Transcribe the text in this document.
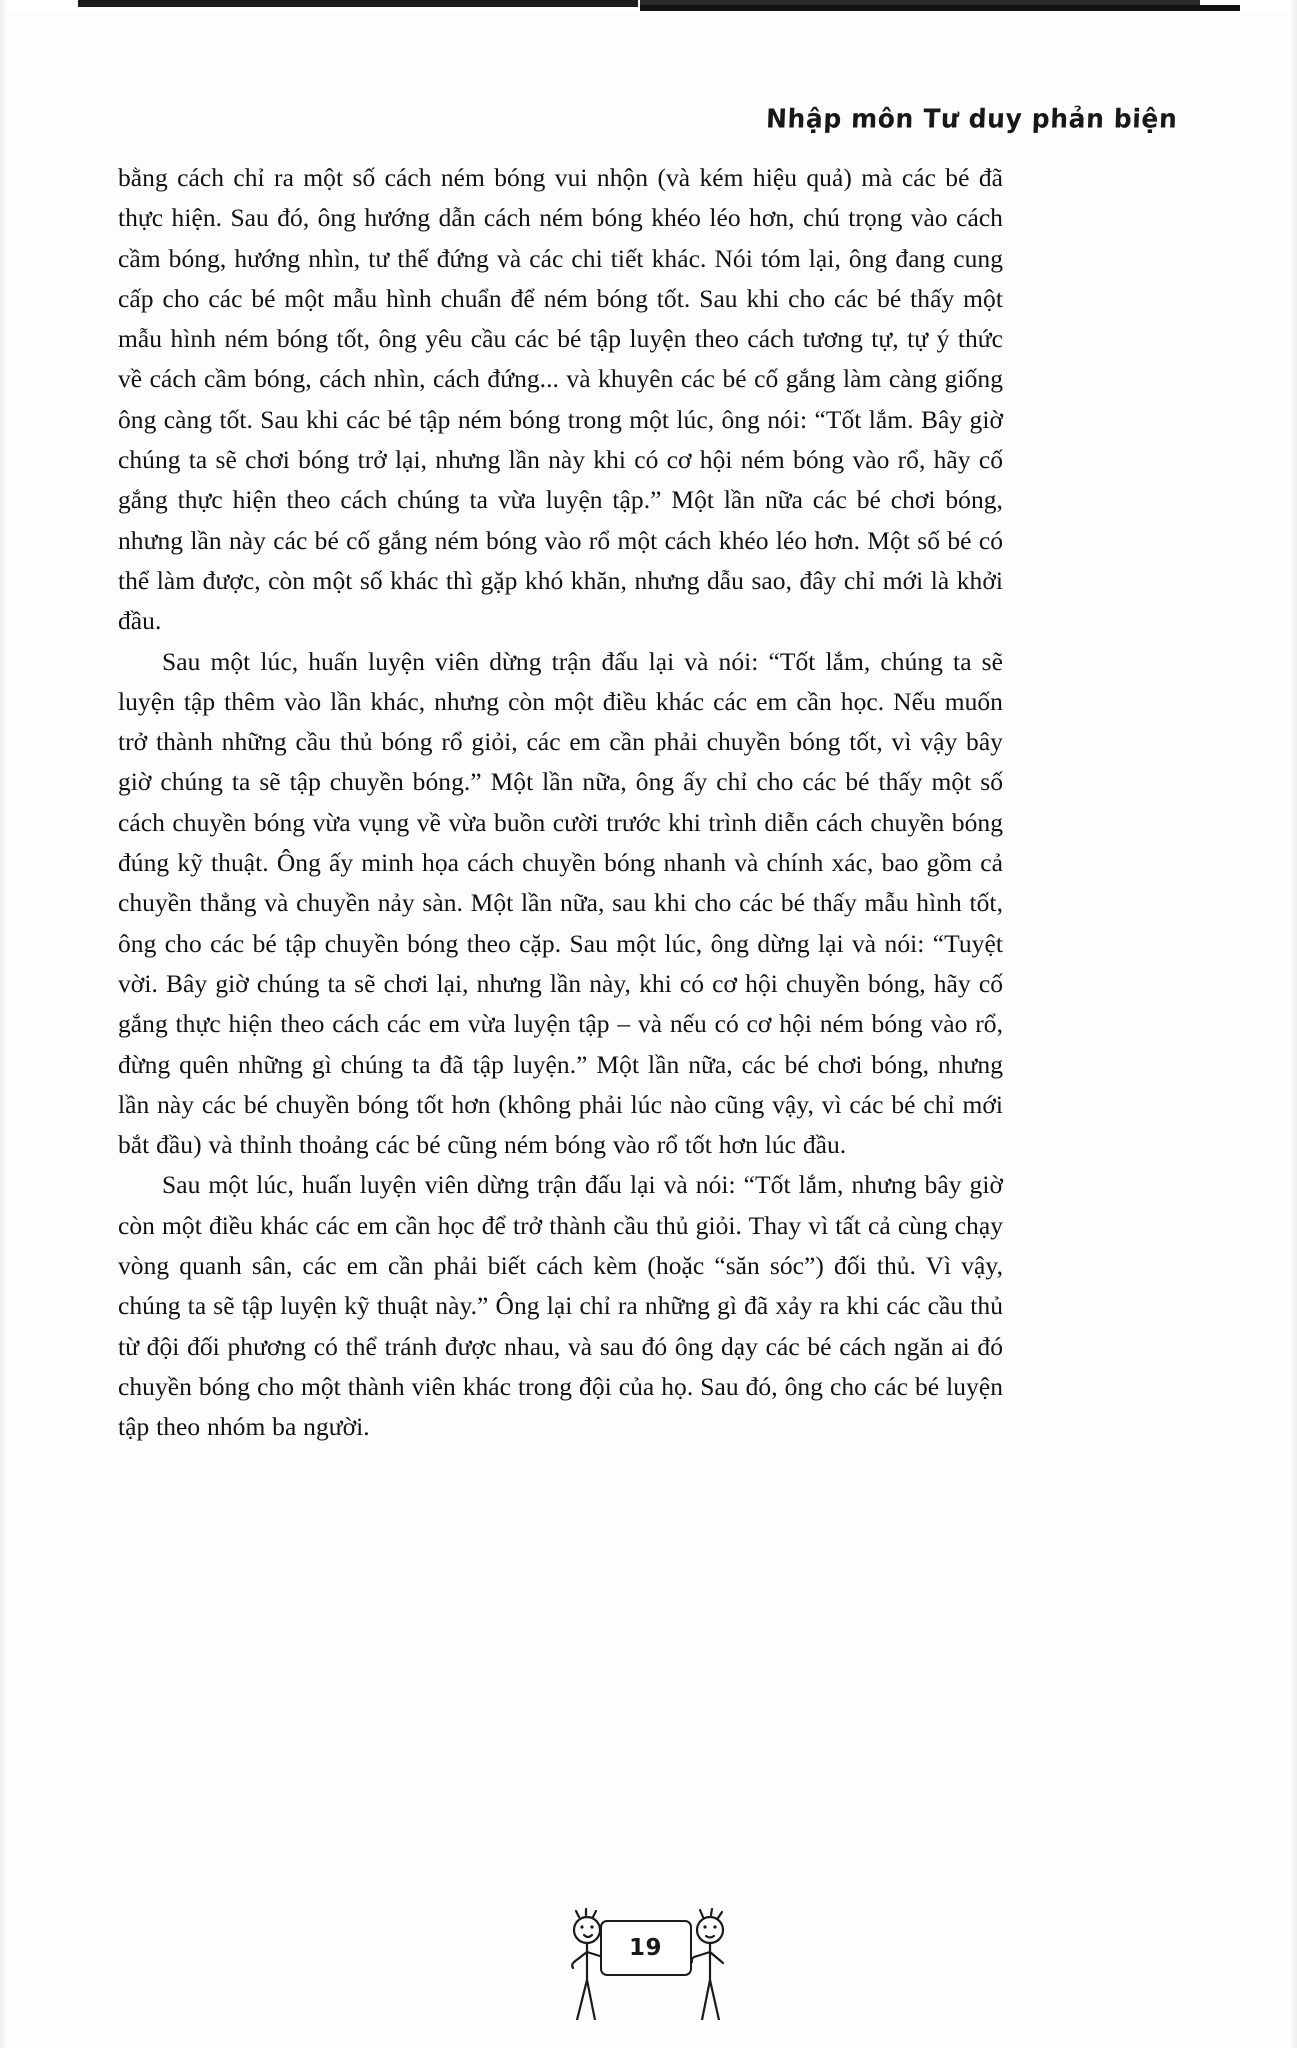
Nhập môn Tư duy phản biện

bằng cách chỉ ra một số cách ném bóng vui nhộn (và kém hiệu quả) mà các bé đã thực hiện. Sau đó, ông hướng dẫn cách ném bóng khéo léo hơn, chú trọng vào cách cầm bóng, hướng nhìn, tư thế đứng và các chi tiết khác. Nói tóm lại, ông đang cung cấp cho các bé một mẫu hình chuẩn để ném bóng tốt. Sau khi cho các bé thấy một mẫu hình ném bóng tốt, ông yêu cầu các bé tập luyện theo cách tương tự, tự ý thức về cách cầm bóng, cách nhìn, cách đứng... và khuyên các bé cố gắng làm càng giống ông càng tốt. Sau khi các bé tập ném bóng trong một lúc, ông nói: “Tốt lắm. Bây giờ chúng ta sẽ chơi bóng trở lại, nhưng lần này khi có cơ hội ném bóng vào rổ, hãy cố gắng thực hiện theo cách chúng ta vừa luyện tập.” Một lần nữa các bé chơi bóng, nhưng lần này các bé cố gắng ném bóng vào rổ một cách khéo léo hơn. Một số bé có thể làm được, còn một số khác thì gặp khó khăn, nhưng dẫu sao, đây chỉ mới là khởi đầu.

Sau một lúc, huấn luyện viên dừng trận đấu lại và nói: “Tốt lắm, chúng ta sẽ luyện tập thêm vào lần khác, nhưng còn một điều khác các em cần học. Nếu muốn trở thành những cầu thủ bóng rổ giỏi, các em cần phải chuyền bóng tốt, vì vậy bây giờ chúng ta sẽ tập chuyền bóng.” Một lần nữa, ông ấy chỉ cho các bé thấy một số cách chuyền bóng vừa vụng về vừa buồn cười trước khi trình diễn cách chuyền bóng đúng kỹ thuật. Ông ấy minh họa cách chuyền bóng nhanh và chính xác, bao gồm cả chuyền thẳng và chuyền nảy sàn. Một lần nữa, sau khi cho các bé thấy mẫu hình tốt, ông cho các bé tập chuyền bóng theo cặp. Sau một lúc, ông dừng lại và nói: “Tuyệt vời. Bây giờ chúng ta sẽ chơi lại, nhưng lần này, khi có cơ hội chuyền bóng, hãy cố gắng thực hiện theo cách các em vừa luyện tập – và nếu có cơ hội ném bóng vào rổ, đừng quên những gì chúng ta đã tập luyện.” Một lần nữa, các bé chơi bóng, nhưng lần này các bé chuyền bóng tốt hơn (không phải lúc nào cũng vậy, vì các bé chỉ mới bắt đầu) và thỉnh thoảng các bé cũng ném bóng vào rổ tốt hơn lúc đầu.

Sau một lúc, huấn luyện viên dừng trận đấu lại và nói: “Tốt lắm, nhưng bây giờ còn một điều khác các em cần học để trở thành cầu thủ giỏi. Thay vì tất cả cùng chạy vòng quanh sân, các em cần phải biết cách kèm (hoặc “săn sóc”) đối thủ. Vì vậy, chúng ta sẽ tập luyện kỹ thuật này.” Ông lại chỉ ra những gì đã xảy ra khi các cầu thủ từ đội đối phương có thể tránh được nhau, và sau đó ông dạy các bé cách ngăn ai đó chuyền bóng cho một thành viên khác trong đội của họ. Sau đó, ông cho các bé luyện tập theo nhóm ba người.

19
